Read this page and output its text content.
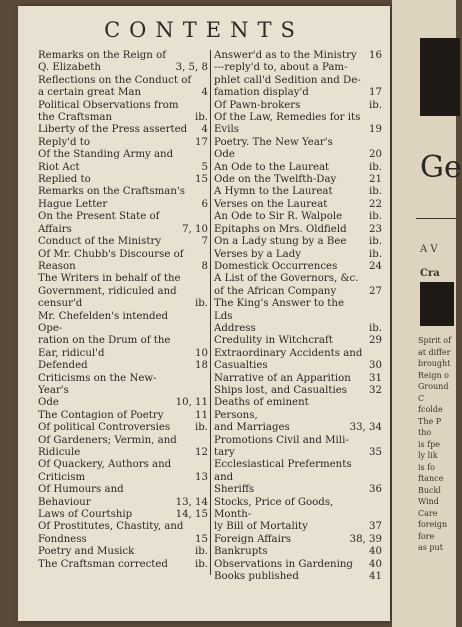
CONTENTS
Remarks on the Reign of
Q. Elizabeth	3, 5, 8
Reflections on the Conduct of
a certain great Man	4
Political Observations from
the Craftsman	ib.
Liberty of the Press asserted	4
Reply'd to	17
Of the Standing Army and
Riot Act	5
Replied to	15
Remarks on the Craftsman's
Hague Letter	6
On the Present State of Affairs	7, 10
Conduct of the Ministry	7
Of Mr. Chubb's Discourse of
Reason	8
The Writers in behalf of the
Government, ridiculed and
censur'd	ib.
Mr. Chefelden's intended Ope-
ration on the Drum of the
Ear, ridicul'd	10
Defended	18
Criticisms on the New-Year's
Ode	10, 11
The Contagion of Poetry	11
Of political Controversies	ib.
Of Gardeners; Vermin, and
Ridicule	12
Of Quackery, Authors and
Criticism	13
Of Humours and Behaviour	13, 14
Laws of Courtship	14, 15
Of Prostitutes, Chastity, and
Fondness	15
Poetry and Musick	ib.
The Craftsman corrected	ib.
Answer'd as to the Ministry	16
---reply'd to, about a Pam-
phlet call'd Sedition and De-
famation display'd	17
Of Pawn-brokers	ib.
Of the Law, Remedies for its
Evils	19
Poetry. The New Year's
Ode	20
An Ode to the Laureat	ib.
Ode on the Twelfth-Day	21
A Hymn to the Laureat	ib.
Verses on the Laureat	22
An Ode to Sir R. Walpole	ib.
Epitaphs on Mrs. Oldfield	23
On a Lady stung by a Bee	ib.
Verses by a Lady	ib.
Domestick Occurrences	24
A List of the Governors, &c.
of the African Company	27
The King's Answer to the Lds
Address	ib.
Credulity in Witchcraft	29
Extraordinary Accidents and
Casualties	30
Narrative of an Apparition	31
Ships lost, and Casualties	32
Deaths of eminent Persons,
and Marriages	33, 34
Promotions Civil and Mili-
tary	35
Ecclesiastical Preferments and
Sheriffs	36
Stocks, Price of Goods, Month-
ly Bill of Mortality	37
Foreign Affairs	38, 39
Bankrupts	40
Observations in Gardening	40
Books published	41
Ge
A V
Cra
Spirit of
at differ
brought
Reign o
Ground
C
fcolde
The P
tho
is fpe
ly lik
is fo
ftance
Buckl
Wind
Care
foreign
fore
as put
